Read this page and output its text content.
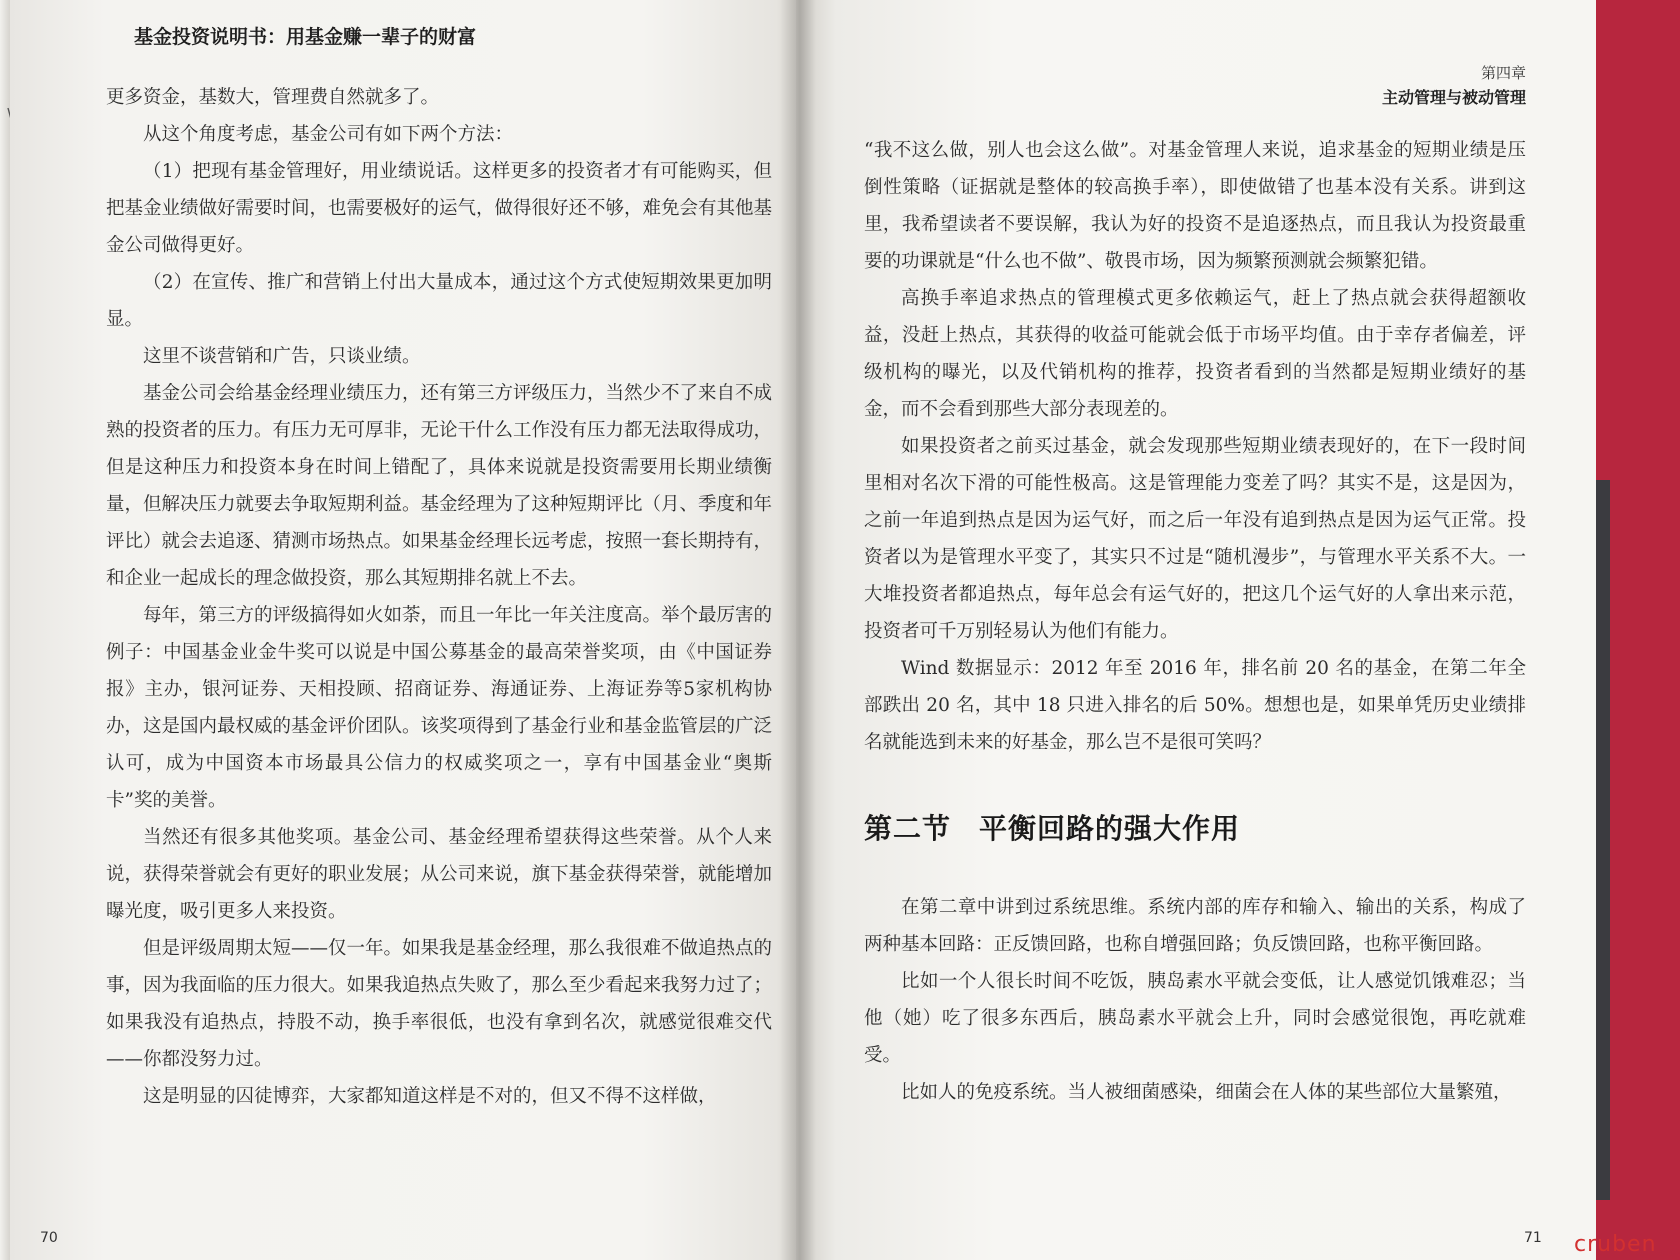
基金投资说明书：用基金赚一辈子的财富

更多资金，基数大，管理费自然就多了。

从这个角度考虑，基金公司有如下两个方法：

（1）把现有基金管理好，用业绩说话。这样更多的投资者才有可能购买，但把基金业绩做好需要时间，也需要极好的运气，做得很好还不够，难免会有其他基金公司做得更好。

（2）在宣传、推广和营销上付出大量成本，通过这个方式使短期效果更加明显。

这里不谈营销和广告，只谈业绩。

基金公司会给基金经理业绩压力，还有第三方评级压力，当然少不了来自不成熟的投资者的压力。有压力无可厚非，无论干什么工作没有压力都无法取得成功，但是这种压力和投资本身在时间上错配了，具体来说就是投资需要用长期业绩衡量，但解决压力就要去争取短期利益。基金经理为了这种短期评比（月、季度和年评比）就会去追逐、猜测市场热点。如果基金经理长远考虑，按照一套长期持有，和企业一起成长的理念做投资，那么其短期排名就上不去。

每年，第三方的评级搞得如火如荼，而且一年比一年关注度高。举个最厉害的例子：中国基金业金牛奖可以说是中国公募基金的最高荣誉奖项，由《中国证券报》主办，银河证券、天相投顾、招商证券、海通证券、上海证券等5家机构协办，这是国内最权威的基金评价团队。该奖项得到了基金行业和基金监管层的广泛认可，成为中国资本市场最具公信力的权威奖项之一，享有中国基金业“奥斯卡”奖的美誉。

当然还有很多其他奖项。基金公司、基金经理希望获得这些荣誉。从个人来说，获得荣誉就会有更好的职业发展；从公司来说，旗下基金获得荣誉，就能增加曝光度，吸引更多人来投资。

但是评级周期太短——仅一年。如果我是基金经理，那么我很难不做追热点的事，因为我面临的压力很大。如果我追热点失败了，那么至少看起来我努力过了；如果我没有追热点，持股不动，换手率很低，也没有拿到名次，就感觉很难交代——你都没努力过。

这是明显的囚徒博弈，大家都知道这样是不对的，但又不得不这样做，

第四章
主动管理与被动管理

“我不这么做，别人也会这么做”。对基金管理人来说，追求基金的短期业绩是压倒性策略（证据就是整体的较高换手率），即使做错了也基本没有关系。讲到这里，我希望读者不要误解，我认为好的投资不是追逐热点，而且我认为投资最重要的功课就是“什么也不做”、敬畏市场，因为频繁预测就会频繁犯错。

高换手率追求热点的管理模式更多依赖运气，赶上了热点就会获得超额收益，没赶上热点，其获得的收益可能就会低于市场平均值。由于幸存者偏差，评级机构的曝光，以及代销机构的推荐，投资者看到的当然都是短期业绩好的基金，而不会看到那些大部分表现差的。

如果投资者之前买过基金，就会发现那些短期业绩表现好的，在下一段时间里相对名次下滑的可能性极高。这是管理能力变差了吗？其实不是，这是因为，之前一年追到热点是因为运气好，而之后一年没有追到热点是因为运气正常。投资者以为是管理水平变了，其实只不过是“随机漫步”，与管理水平关系不大。一大堆投资者都追热点，每年总会有运气好的，把这几个运气好的人拿出来示范，投资者可千万别轻易认为他们有能力。

Wind 数据显示：2012 年至 2016 年，排名前 20 名的基金，在第二年全部跌出 20 名，其中 18 只进入排名的后 50%。想想也是，如果单凭历史业绩排名就能选到未来的好基金，那么岂不是很可笑吗？

第二节 平衡回路的强大作用

在第二章中讲到过系统思维。系统内部的库存和输入、输出的关系，构成了两种基本回路：正反馈回路，也称自增强回路；负反馈回路，也称平衡回路。

比如一个人很长时间不吃饭，胰岛素水平就会变低，让人感觉饥饿难忍；当他（她）吃了很多东西后，胰岛素水平就会上升，同时会感觉很饱，再吃就难受。

比如人的免疫系统。当人被细菌感染，细菌会在人体的某些部位大量繁殖，

70	71 cruben
